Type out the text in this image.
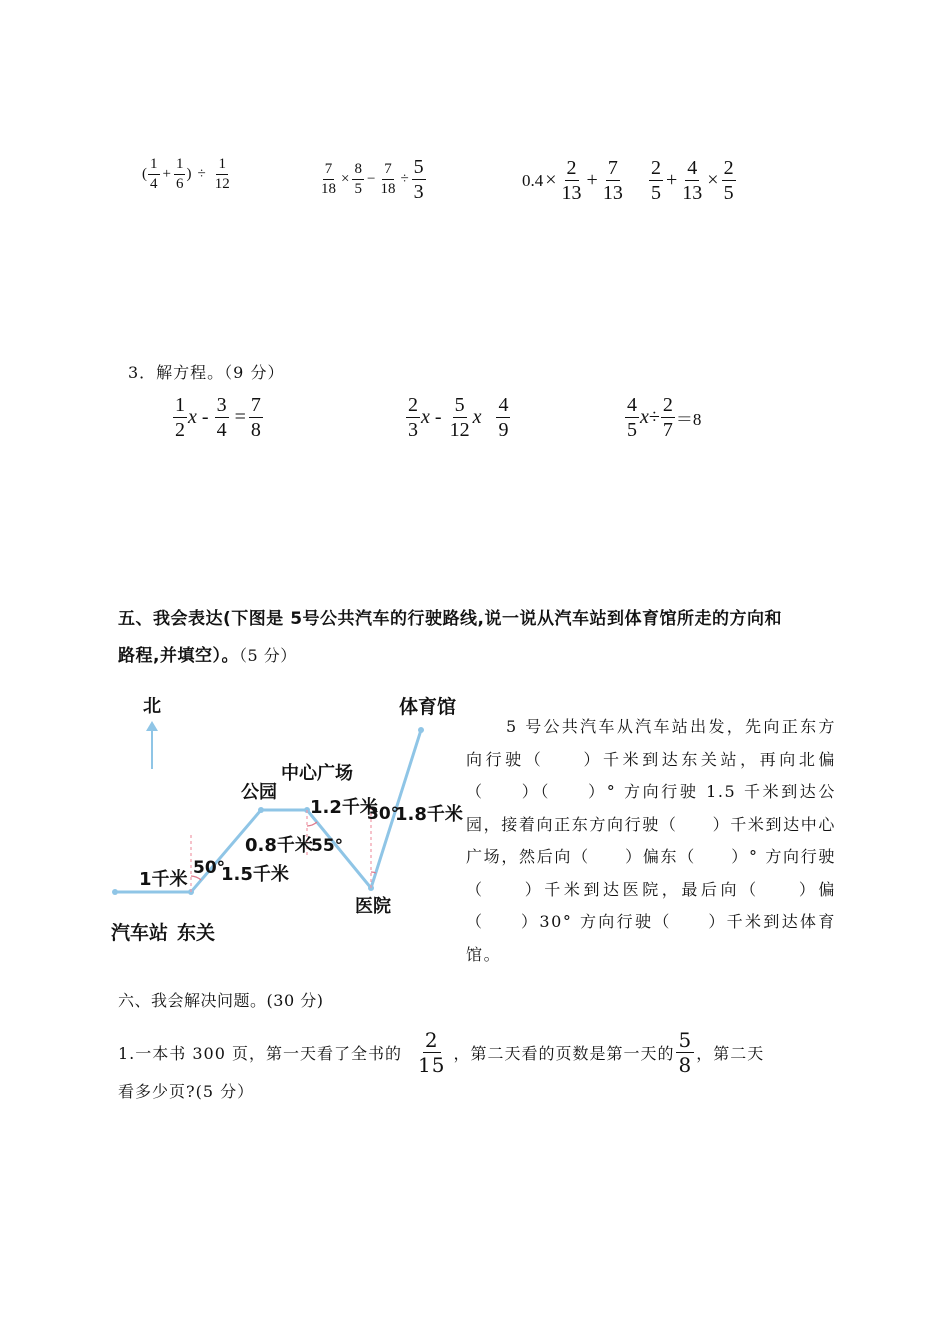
( $\frac{1}{4} + \frac{1}{6}$ ) ÷ $\frac{1}{12}$	$\frac{7}{18} \times \frac{8}{5} - \frac{7}{18} \div \frac{5}{3}$	$0.4 \times \frac{2}{13} + \frac{7}{13} \frac{2}{5} + \frac{4}{13} \times \frac{2}{5}$
3．解方程。（9 分）
$\frac{1}{2}$ $x - \frac{3}{4} = \frac{7}{8}$	$\frac{2}{3}$ x - $\frac{5}{12}$ x $\frac{4}{9}$	$\frac{4}{5}$ $x \div \frac{2}{7} =8$
五、我会表达(下图是 5号公共汽车的行驶路线,说一说从汽车站到体育馆所走的方向和
路程,并填空）。（5 分）
北	体育馆
中心广场
公园
医院
汽车站 东关
1千米 1.5千米
0.8千米
1.2千米 1.8千米
50°
55°
30°
5 号公共汽车从汽车站出发，先向正东方向行驶（　　）千米到达东关站，再向北偏（　　）（　　）° 方向行驶 1.5 千米到达公园，接着向正东方向行驶（　　）千米到达中心广场，然后向（　　）偏东（　　）° 方向行驶（　　）千米到达医院，最后向（　　）偏（　　）30° 方向行驶（　　）千米到达体育馆。
六、我会解决问题。(30 分)
1.一本书 300 页，第一天看了全书的 $\frac{2}{15}$ ，第二天看的页数是第一天的 $\frac{5}{8}$ ，第二天
看多少页?(5 分）
